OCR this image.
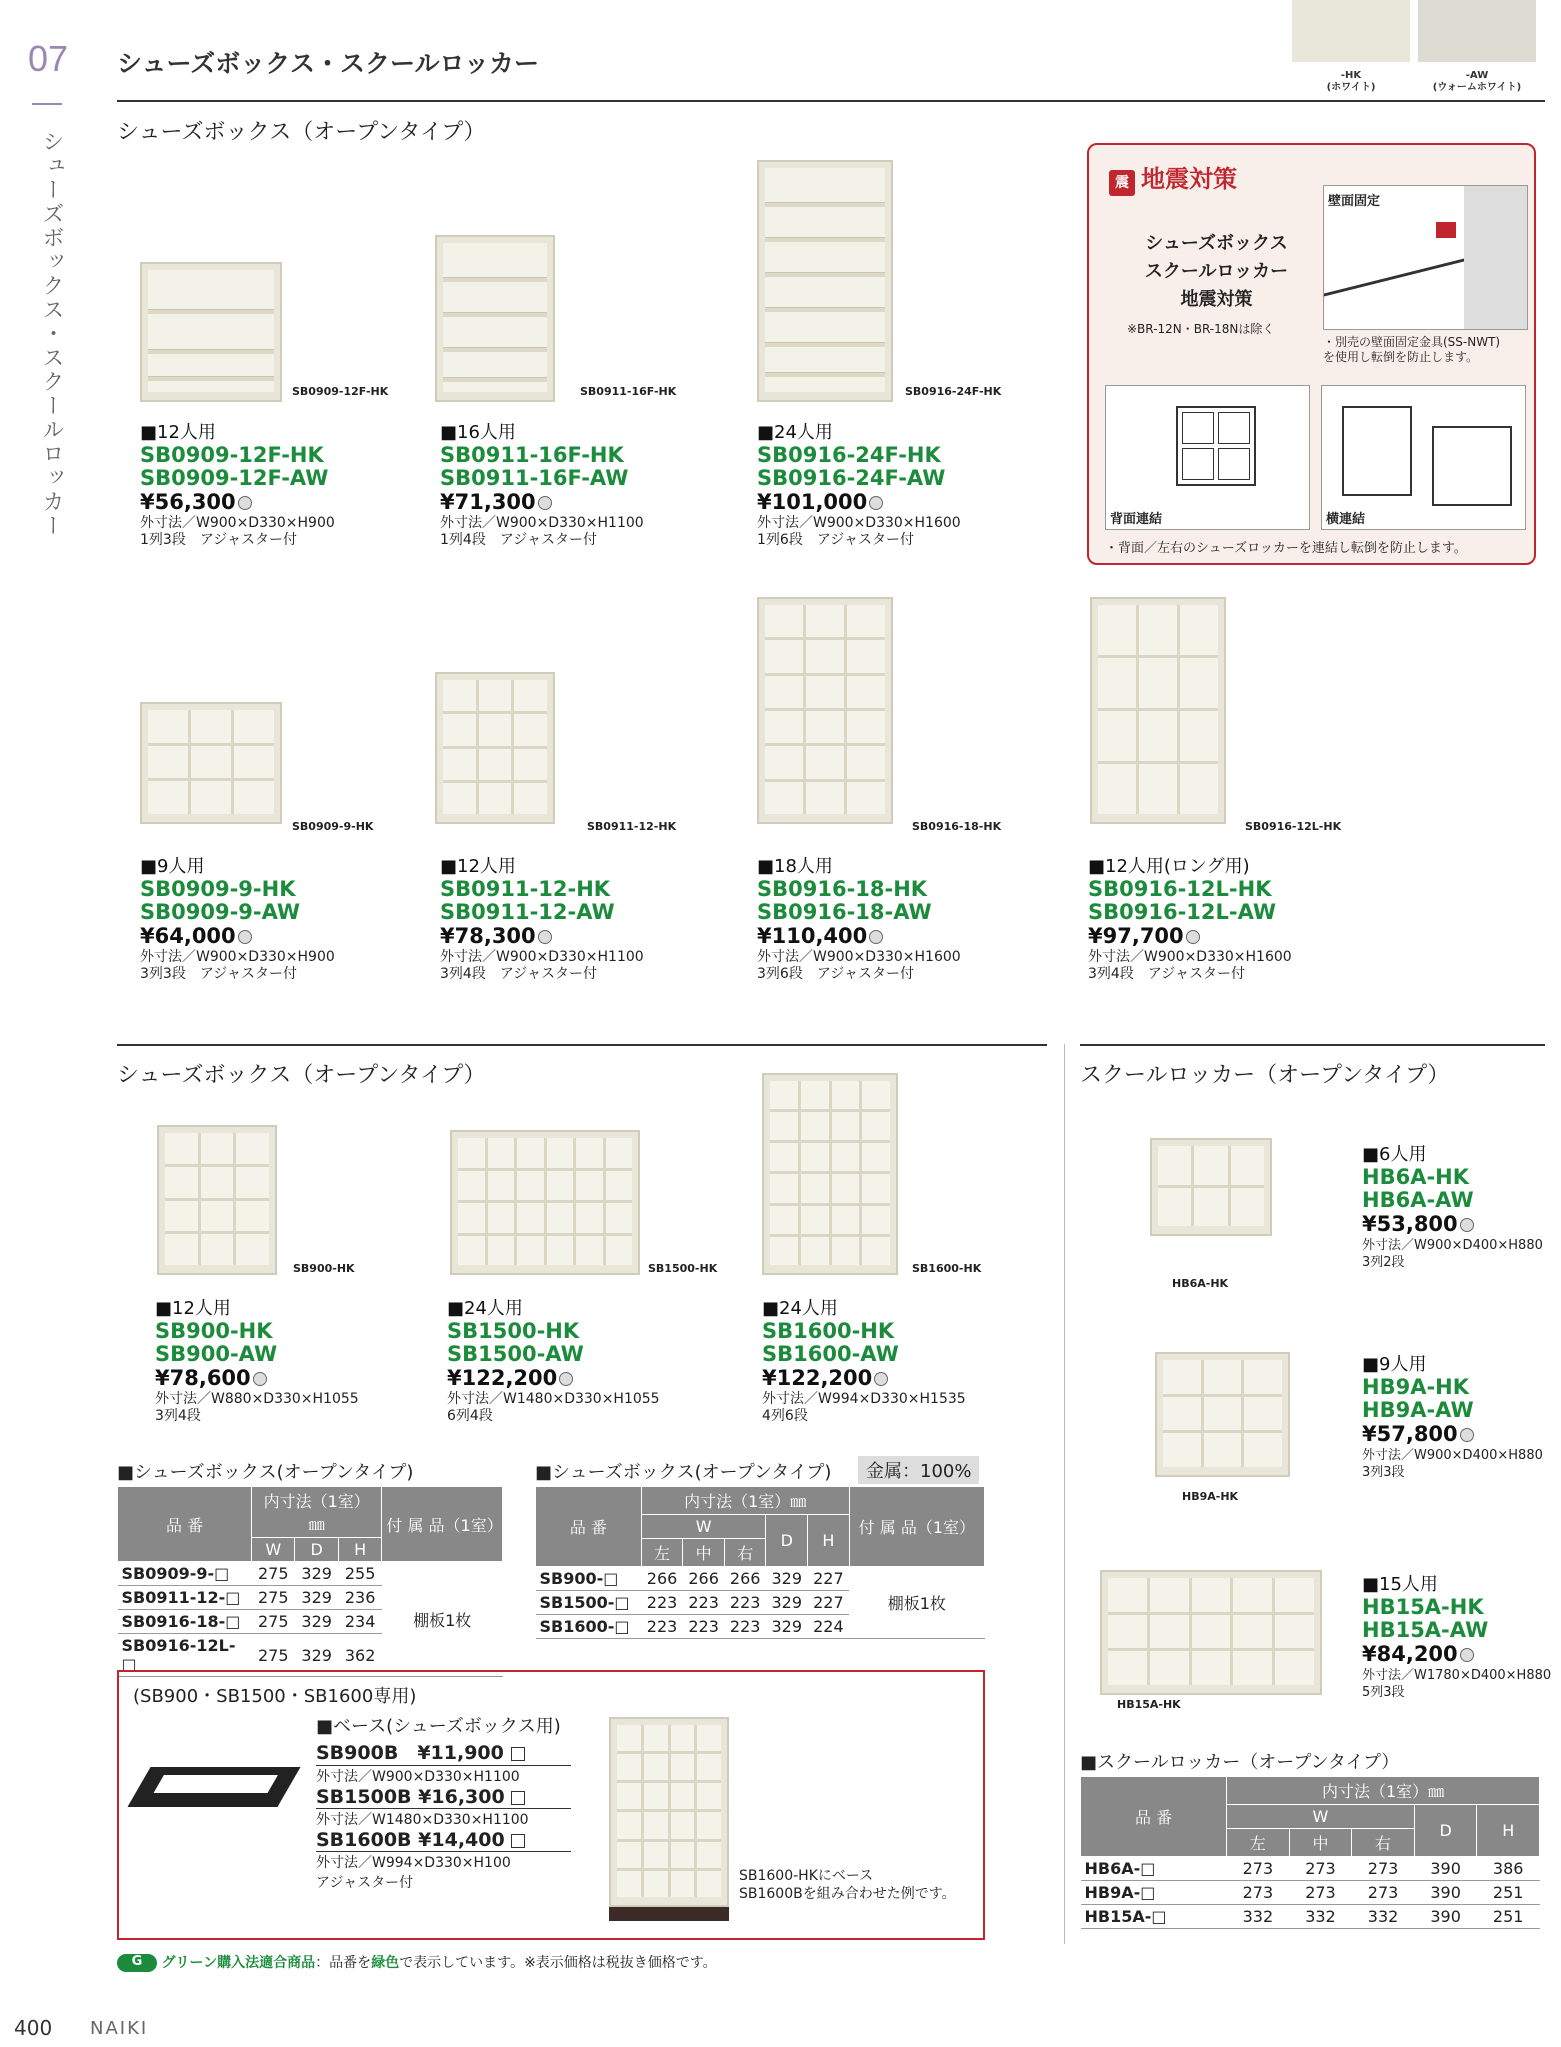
07
シューズボックス・スクールロッカー
シューズボックス・スクールロッカー	-HK
(ホワイト)
-AW
(ウォームホワイト)
シューズボックス（オープンタイプ）
SB0909-12F-HK	SB0911-16F-HK	SB0916-24F-HK
■12人用
SB0909-12F-HK
SB0909-12F-AW
¥56,300
外寸法／W900×D330×H900
1列3段　アジャスター付
■16人用
SB0911-16F-HK
SB0911-16F-AW
¥71,300
外寸法／W900×D330×H1100
1列4段　アジャスター付
■24人用
SB0916-24F-HK
SB0916-24F-AW
¥101,000
外寸法／W900×D330×H1600
1列6段　アジャスター付
震 地震対策
シューズボックス
スクールロッカー
地震対策
※BR-12N・BR-18Nは除く
壁面固定
・別売の壁面固定金具(SS-NWT)
を使用し転倒を防止します。
背面連結	横連結
・背面／左右のシューズロッカーを連結し転倒を防止します。
SB0909-9-HK	SB0911-12-HK	SB0916-18-HK	SB0916-12L-HK
■9人用
SB0909-9-HK
SB0909-9-AW
¥64,000
外寸法／W900×D330×H900
3列3段　アジャスター付
■12人用
SB0911-12-HK
SB0911-12-AW
¥78,300
外寸法／W900×D330×H1100
3列4段　アジャスター付
■18人用
SB0916-18-HK
SB0916-18-AW
¥110,400
外寸法／W900×D330×H1600
3列6段　アジャスター付
■12人用(ロング用)
SB0916-12L-HK
SB0916-12L-AW
¥97,700
外寸法／W900×D330×H1600
3列4段　アジャスター付
シューズボックス（オープンタイプ）	スクールロッカー（オープンタイプ）
SB900-HK	SB1500-HK	SB1600-HK
■12人用
SB900-HK
SB900-AW
¥78,600
外寸法／W880×D330×H1055
3列4段
■24人用
SB1500-HK
SB1500-AW
¥122,200
外寸法／W1480×D330×H1055
6列4段
■24人用
SB1600-HK
SB1600-AW
¥122,200
外寸法／W994×D330×H1535
4列6段
HB6A-HK
■6人用
HB6A-HK
HB6A-AW
¥53,800
外寸法／W900×D400×H880
3列2段
HB9A-HK
■9人用
HB9A-HK
HB9A-AW
¥57,800
外寸法／W900×D400×H880
3列3段
HB15A-HK
■15人用
HB15A-HK
HB15A-AW
¥84,200
外寸法／W1780×D400×H880
5列3段
■シューズボックス(オープンタイプ)
品 番	内寸法（1室）㎜			付 属 品（1室）
	W	D	H	
SB0909-9-□	275	329	255	棚板1枚
SB0911-12-□	275	329	236	
SB0916-18-□	275	329	234	
SB0916-12L-□	275	329	362	
■シューズボックス(オープンタイプ)	金属：100%
品 番	内寸法（1室）㎜					付 属 品（1室）
	W			D	H	
	左	中	右			
SB900-□	266	266	266	329	227	棚板1枚
SB1500-□	223	223	223	329	227	
SB1600-□	223	223	223	329	224	
■スクールロッカー（オープンタイプ）
品 番	内寸法（1室）㎜				
	W			D	H
	左	中	右		
HB6A-□	273	273	273	390	386
HB9A-□	273	273	273	390	251
HB15A-□	332	332	332	390	251
(SB900・SB1500・SB1600専用)
■ベース(シューズボックス用)
SB900B　 ¥11,900
外寸法／W900×D330×H1100
SB1500B ¥16,300
外寸法／W1480×D330×H1100
SB1600B ¥14,400
外寸法／W994×D330×H100
アジャスター付	SB1600-HKにベース
SB1600Bを組み合わせた例です。
G グリーン購入法適合商品：品番を緑色で表示しています。※表示価格は税抜き価格です。
400 NAIKI
